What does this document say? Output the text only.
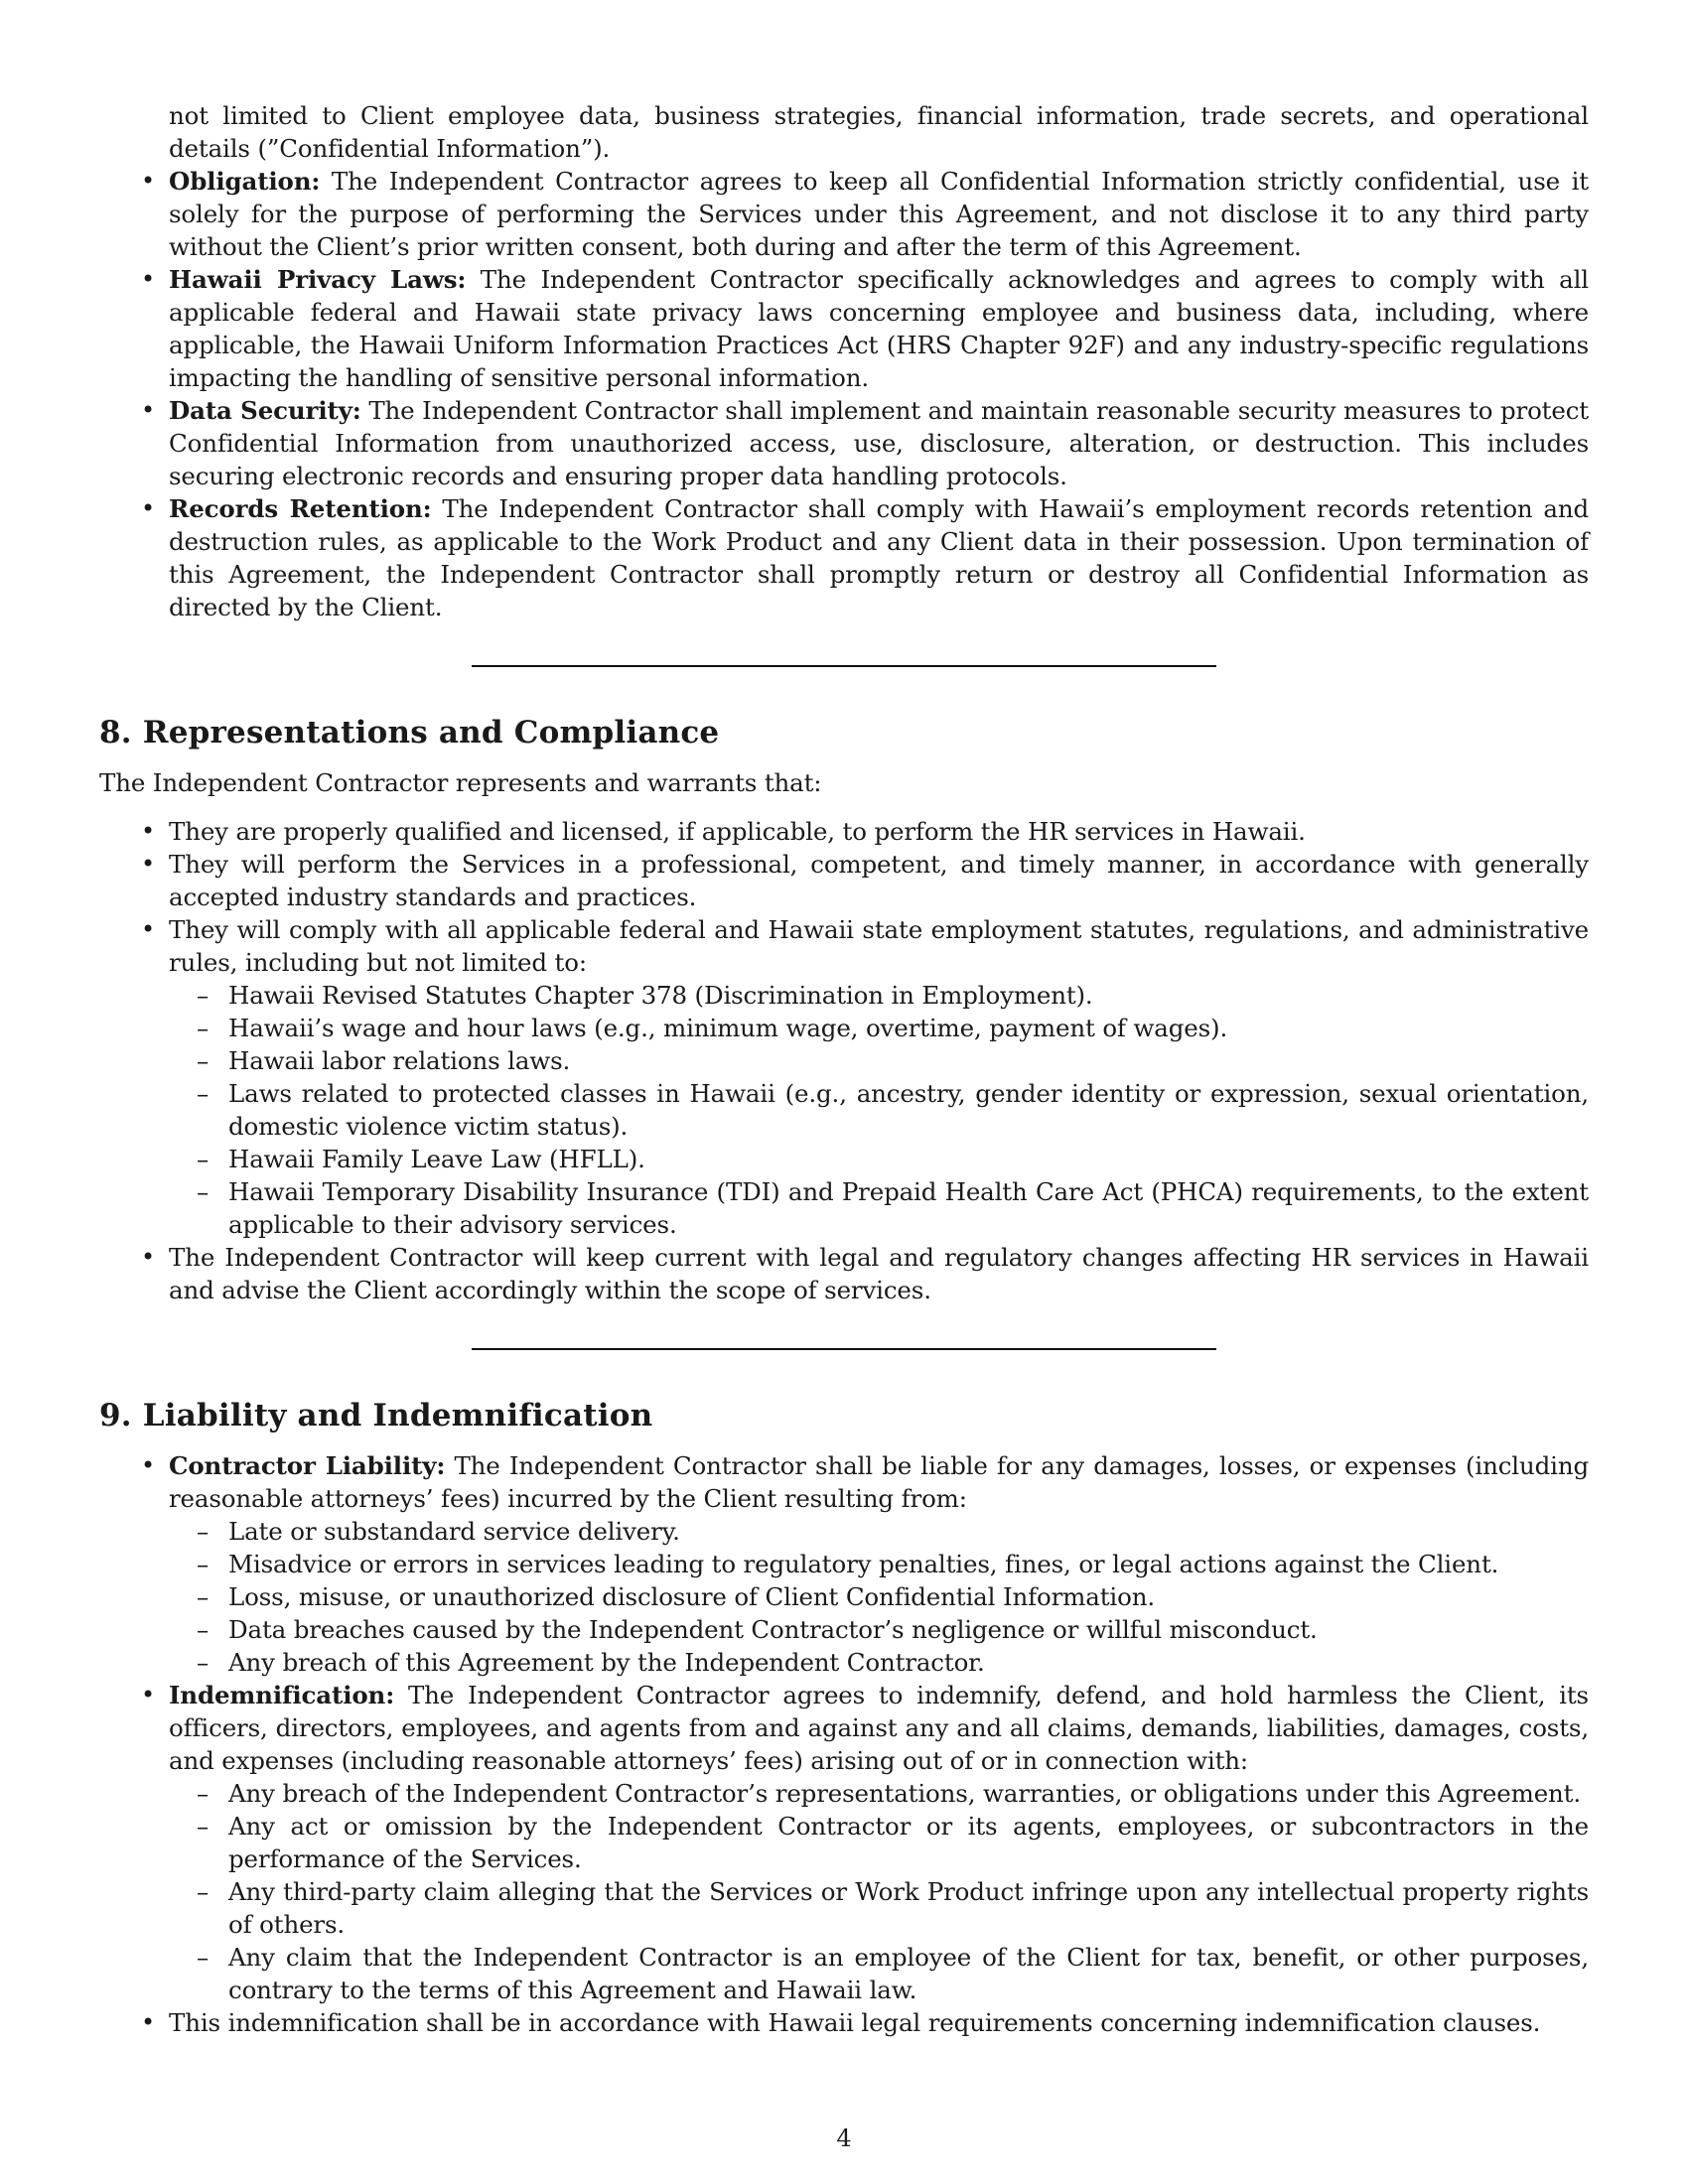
not limited to Client employee data, business strategies, financial information, trade secrets, and operational details (”Confidential Information”).
• Obligation: The Independent Contractor agrees to keep all Confidential Information strictly confidential, use it solely for the purpose of performing the Services under this Agreement, and not disclose it to any third party without the Client’s prior written consent, both during and after the term of this Agreement.
• Hawaii Privacy Laws: The Independent Contractor specifically acknowledges and agrees to comply with all applicable federal and Hawaii state privacy laws concerning employee and business data, including, where applicable, the Hawaii Uniform Information Practices Act (HRS Chapter 92F) and any industry-specific regulations impacting the handling of sensitive personal information.
• Data Security: The Independent Contractor shall implement and maintain reasonable security measures to protect Confidential Information from unauthorized access, use, disclosure, alteration, or destruction. This includes securing electronic records and ensuring proper data handling protocols.
• Records Retention: The Independent Contractor shall comply with Hawaii’s employment records retention and destruction rules, as applicable to the Work Product and any Client data in their possession. Upon termination of this Agreement, the Independent Contractor shall promptly return or destroy all Confidential Information as directed by the Client.
8. Representations and Compliance

The Independent Contractor represents and warrants that:

• They are properly qualified and licensed, if applicable, to perform the HR services in Hawaii.
• They will perform the Services in a professional, competent, and timely manner, in accordance with generally accepted industry standards and practices.
• They will comply with all applicable federal and Hawaii state employment statutes, regulations, and administrative rules, including but not limited to:
– Hawaii Revised Statutes Chapter 378 (Discrimination in Employment).
– Hawaii’s wage and hour laws (e.g., minimum wage, overtime, payment of wages).
– Hawaii labor relations laws.
– Laws related to protected classes in Hawaii (e.g., ancestry, gender identity or expression, sexual orientation, domestic violence victim status).
– Hawaii Family Leave Law (HFLL).
– Hawaii Temporary Disability Insurance (TDI) and Prepaid Health Care Act (PHCA) requirements, to the extent applicable to their advisory services.
• The Independent Contractor will keep current with legal and regulatory changes affecting HR services in Hawaii and advise the Client accordingly within the scope of services.
9. Liability and Indemnification
• Contractor Liability: The Independent Contractor shall be liable for any damages, losses, or expenses (including reasonable attorneys’ fees) incurred by the Client resulting from:
– Late or substandard service delivery.
– Misadvice or errors in services leading to regulatory penalties, fines, or legal actions against the Client.
– Loss, misuse, or unauthorized disclosure of Client Confidential Information.
– Data breaches caused by the Independent Contractor’s negligence or willful misconduct.
– Any breach of this Agreement by the Independent Contractor.
• Indemnification: The Independent Contractor agrees to indemnify, defend, and hold harmless the Client, its officers, directors, employees, and agents from and against any and all claims, demands, liabilities, damages, costs, and expenses (including reasonable attorneys’ fees) arising out of or in connection with:
– Any breach of the Independent Contractor’s representations, warranties, or obligations under this Agreement.
– Any act or omission by the Independent Contractor or its agents, employees, or subcontractors in the performance of the Services.
– Any third-party claim alleging that the Services or Work Product infringe upon any intellectual property rights of others.
– Any claim that the Independent Contractor is an employee of the Client for tax, benefit, or other purposes, contrary to the terms of this Agreement and Hawaii law.
• This indemnification shall be in accordance with Hawaii legal requirements concerning indemnification clauses.
4
